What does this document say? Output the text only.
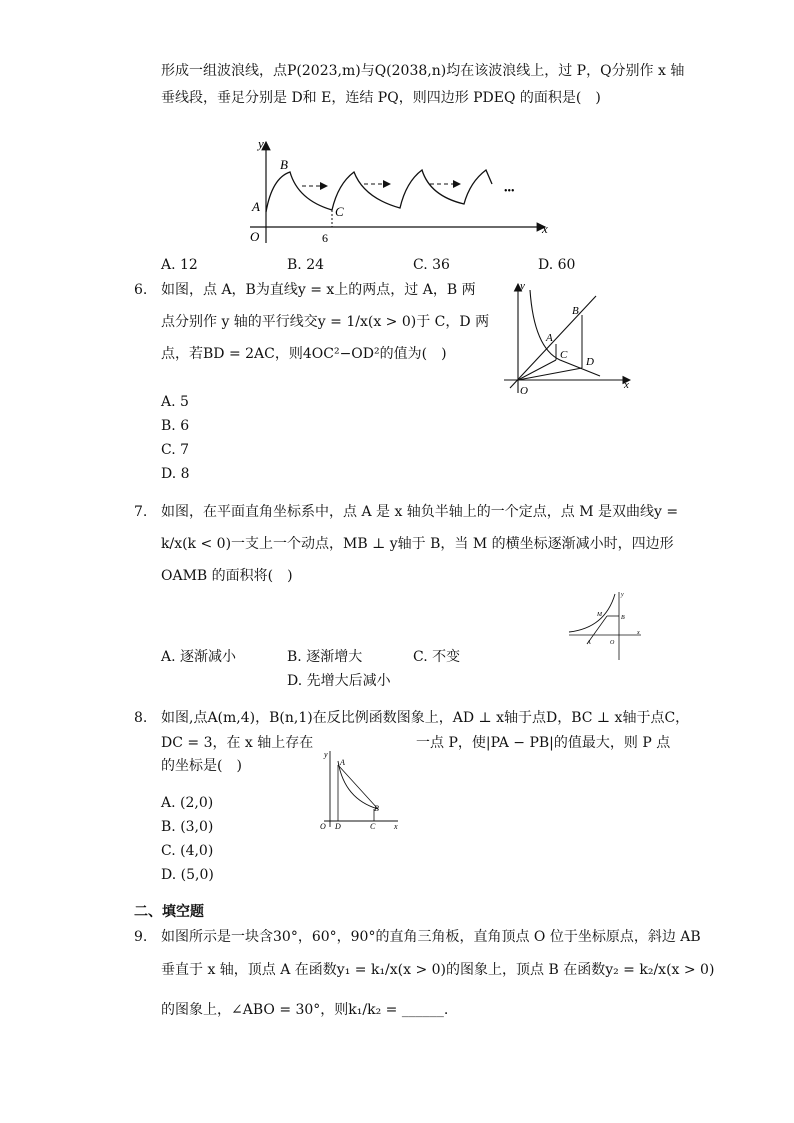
形成一组波浪线，点P(2023,m)与Q(2038,n)均在该波浪线上，过 P，Q分别作 x 轴
垂线段，垂足分别是 D和 E，连结 PQ，则四边形 PDEQ 的面积是(　)
y
x
O
A
B
C
6
•••
A. 12	B. 24	C. 36	D. 60
6. 如图，点 A，B为直线y = x上的两点，过 A，B 两
点分别作 y 轴的平行线交y = 1/x(x > 0)于 C，D 两
点，若BD = 2AC，则4OC²−OD²的值为(　)
y
x
O
A
B
C
D
A. 5
B. 6
C. 7
D. 8
7. 如图，在平面直角坐标系中，点 A 是 x 轴负半轴上的一个定点，点 M 是双曲线y =
k/x(k < 0)一支上一个动点，MB ⊥ y轴于 B，当 M 的横坐标逐渐减小时，四边形
OAMB 的面积将(　)
y
x
O
A
B
M
A. 逐渐减小	B. 逐渐增大	C. 不变
D. 先增大后减小
8. 如图,点A(m,4)，B(n,1)在反比例函数图象上，AD ⊥ x轴于点D，BC ⊥ x轴于点C，
DC = 3，在 x 轴上存在	一点 P，使|PA − PB|的值最大，则 P 点
的坐标是(　)
y
x
O
A
B
C
D
A. (2,0)
B. (3,0)
C. (4,0)
D. (5,0)
二、填空题
9. 如图所示是一块含30°，60°，90°的直角三角板，直角顶点 O 位于坐标原点，斜边 AB
垂直于 x 轴，顶点 A 在函数y₁ = k₁/x(x > 0)的图象上，顶点 B 在函数y₂ = k₂/x(x > 0)
的图象上，∠ABO = 30°，则k₁/k₂ = ______.
